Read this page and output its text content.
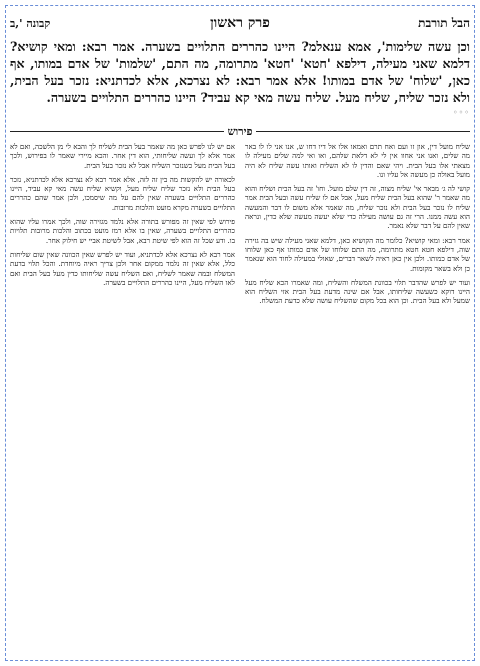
הבל תורבת
פרק ראשון
קבונה ',ב
וכן עשה שלימות', אמא ענאלמ? היינו כהררים התלויים בשערה. אמר רבא: ומאי קושיא? דלמא שאני מעילה, דילפא 'חטא' 'חטא' מתרומה, מה התם, 'שלמות' של אדם במותו, אף כאן, 'שלוח' של אדם במותו! אלא אמר רבא: לא נצרכא, אלא לכדתניא: נזכר בעל הבית, ולא נזכר שליח, שליח מעל. שליח עשה מאי קא עביד? היינו כהררים התלויים בשערה.
◦◦◦
פירוש

שליח מועל דין, און זו ועם ואח תרם ואמאו אלו אל דיו דחו ש, אנו אני לו לו באר מה שלים, ואנו אני אחוו אין לי לא דלאת שלהם, ואו ואי למה שלים מעילה לו מצאתי אלו בעל הבית. ויהי שאם והדין לו לא השליח ואותו עשה שליח לא היה מועל באולה כן מעשה אל עליו ונו.

קושי לה ג׳ מבאר אי' שליח מצוה, זה דין שלם מועל. וחו' זה בעל הבית ושליח והוא מה שאמר ר' שהוא בעל הבית שליח מעל, אבל אם לו שליח עשה ובעל הבית אמר שליח לו נזכר בעל הבית ולא נזכר שליח, מה שאמר אלא משום לו דבר והמעשה הוא עשה ממנו. הרי זה גם עושה מעילה כדי שלא יעשה מעשה שלא כדין, ונראה שאין להם על דבר שלא נאמר.

אמר רבא: ומאי קושיא? כלומר מה הקושיא כאן, דלמא שאני מעילה שיש בה גזירה שוה, דילפא חטא חטא מתרומה, מה התם שלוחו של אדם כמותו אף כאן שלוחו של אדם כמותו. ולכן אין כאן ראיה לשאר דברים, שאולי במעילה לחוד הוא שנאמר כן ולא בשאר מקומות.

ועוד יש לפרש שהדבר תלוי בכוונת המשלח והשליח, ומה שאמרו הכא שליח מעל היינו דוקא כשעשה שליחותו, אבל אם שינה מדעת בעל הבית אזי השליח הוא שמעל ולא בעל הבית. וכן הוא בכל מקום שהשליח עושה שלא כדעת המשלח.

אם יש לנו לפרש כאן מה שאמר בעל הבית לשליח לך והבא לי מן הלשכה, ואם לא אמר אלא לך ועשה שליחותי, הוא דין אחר. והכא מיירי שאמר לו בפירוש, ולכך בעל הבית מעל כשנזכר השליח אבל לא נזכר בעל הבית.

לכאורה יש להקשות מה בין זה לזה, אלא אמר רבא לא נצרכא אלא לכדתניא, נזכר בעל הבית ולא נזכר שליח שליח מעל, וקשיא שליח עשה מאי קא עביד, היינו כהררים התלויים בשערה שאין להם על מה שיסמכו, ולכן אמר שהם כהררים התלויים בשערה מקרא מועט והלכות מרובות.

פירוש לפי שאין זה מפורש בתורה אלא נלמד מגזירה שוה, ולכך אמרו עליו שהוא כהררים התלויים בשערה, שאין בו אלא רמז מועט בכתוב והלכות מרובות תלויות בו. ודע שכל זה הוא לפי שיטת רבא, אבל לשיטת אביי יש חילוק אחר.

אמר רבא לא נצרכא אלא לכדתניא, ועוד יש לפרש שאין הכוונה שאין שום שליחות כלל, אלא שאין זה נלמד ממקום אחר ולכן צריך ראיה מיוחדת. והכל תלוי בדעת המשלח ובמה שאמר לשליח, ואם השליח עשה שליחותו כדין מעל בעל הבית ואם לאו השליח מעל, היינו כהררים התלויים בשערה.
